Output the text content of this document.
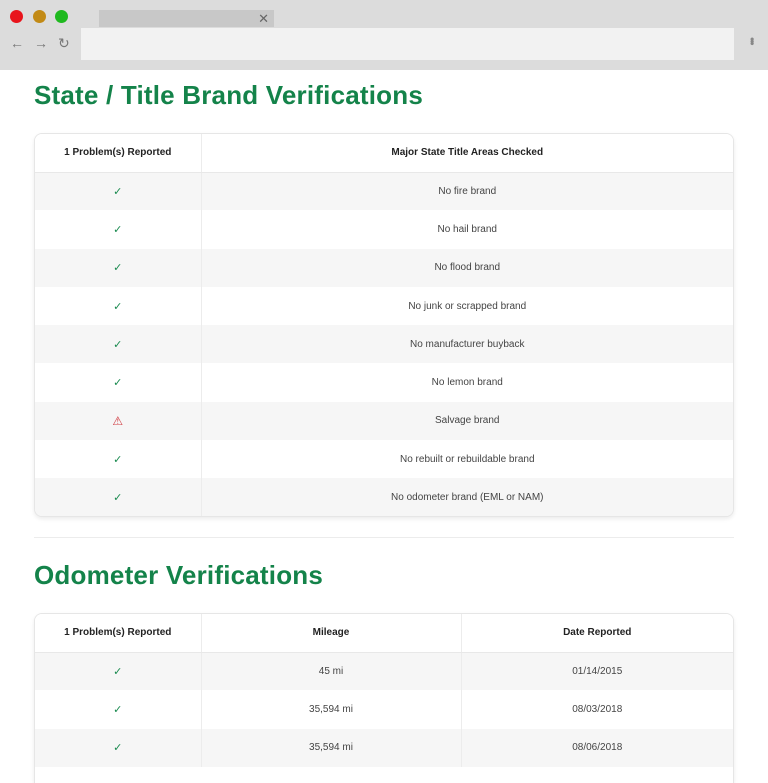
✕
← → ↻	•••
State / Title Brand Verifications
1 Problem(s) Reported	Major State Title Areas Checked
✓	No fire brand
✓	No hail brand
✓	No flood brand
✓	No junk or scrapped brand
✓	No manufacturer buyback
✓	No lemon brand
⚠	Salvage brand
✓	No rebuilt or rebuildable brand
✓	No odometer brand (EML or NAM)
Odometer Verifications
1 Problem(s) Reported	Mileage	Date Reported
✓	45 mi	01/14/2015
✓	35,594 mi	08/03/2018
✓	35,594 mi	08/06/2018
